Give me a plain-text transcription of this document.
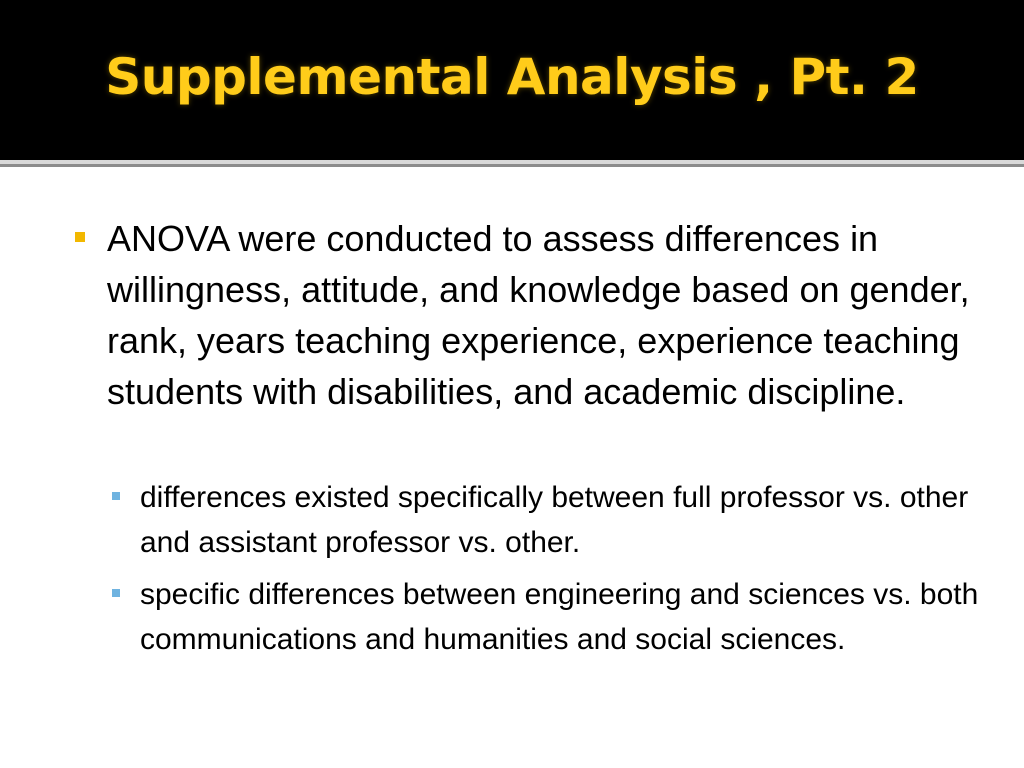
Supplemental Analysis , Pt. 2

ANOVA were conducted to assess differences in willingness, attitude, and knowledge based on gender, rank, years teaching experience, experience teaching students with disabilities, and academic discipline.

differences existed specifically between full professor vs. other and assistant professor vs. other.

specific differences between engineering and sciences vs. both communications and humanities and social sciences.
